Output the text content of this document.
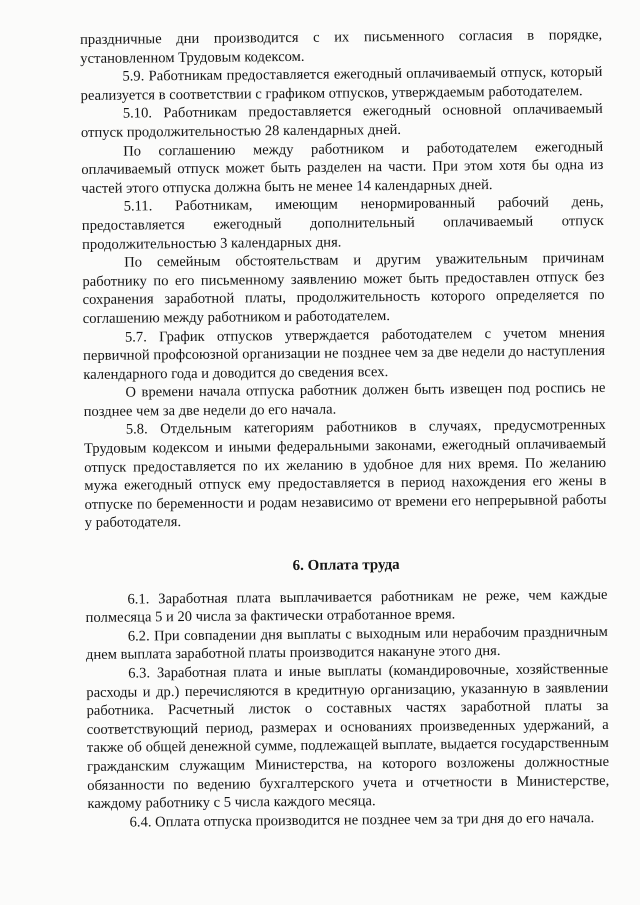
праздничные дни производится с их письменного согласия в порядке, установленном Трудовым кодексом.

5.9. Работникам предоставляется ежегодный оплачиваемый отпуск, который реализуется в соответствии с графиком отпусков, утверждаемым работодателем.

5.10. Работникам предоставляется ежегодный основной оплачиваемый отпуск продолжительностью 28 календарных дней.

По соглашению между работником и работодателем ежегодный оплачиваемый отпуск может быть разделен на части. При этом хотя бы одна из частей этого отпуска должна быть не менее 14 календарных дней.

5.11. Работникам, имеющим ненормированный рабочий день, предоставляется ежегодный дополнительный оплачиваемый отпуск продолжительностью 3 календарных дня.

По семейным обстоятельствам и другим уважительным причинам работнику по его письменному заявлению может быть предоставлен отпуск без сохранения заработной платы, продолжительность которого определяется по соглашению между работником и работодателем.

5.7. График отпусков утверждается работодателем с учетом мнения первичной профсоюзной организации не позднее чем за две недели до наступления календарного года и доводится до сведения всех.

О времени начала отпуска работник должен быть извещен под роспись не позднее чем за две недели до его начала.

5.8. Отдельным категориям работников в случаях, предусмотренных Трудовым кодексом и иными федеральными законами, ежегодный оплачиваемый отпуск предоставляется по их желанию в удобное для них время. По желанию мужа ежегодный отпуск ему предоставляется в период нахождения его жены в отпуске по беременности и родам независимо от времени его непрерывной работы у работодателя.

6. Оплата труда

6.1. Заработная плата выплачивается работникам не реже, чем каждые полмесяца 5 и 20 числа за фактически отработанное время.

6.2. При совпадении дня выплаты с выходным или нерабочим праздничным днем выплата заработной платы производится накануне этого дня.

6.3. Заработная плата и иные выплаты (командировочные, хозяйственные расходы и др.) перечисляются в кредитную организацию, указанную в заявлении работника. Расчетный листок о составных частях заработной платы за соответствующий период, размерах и основаниях произведенных удержаний, а также об общей денежной сумме, подлежащей выплате, выдается государственным гражданским служащим Министерства, на которого возложены должностные обязанности по ведению бухгалтерского учета и отчетности в Министерстве, каждому работнику с 5 числа каждого месяца.

6.4. Оплата отпуска производится не позднее чем за три дня до его начала.
